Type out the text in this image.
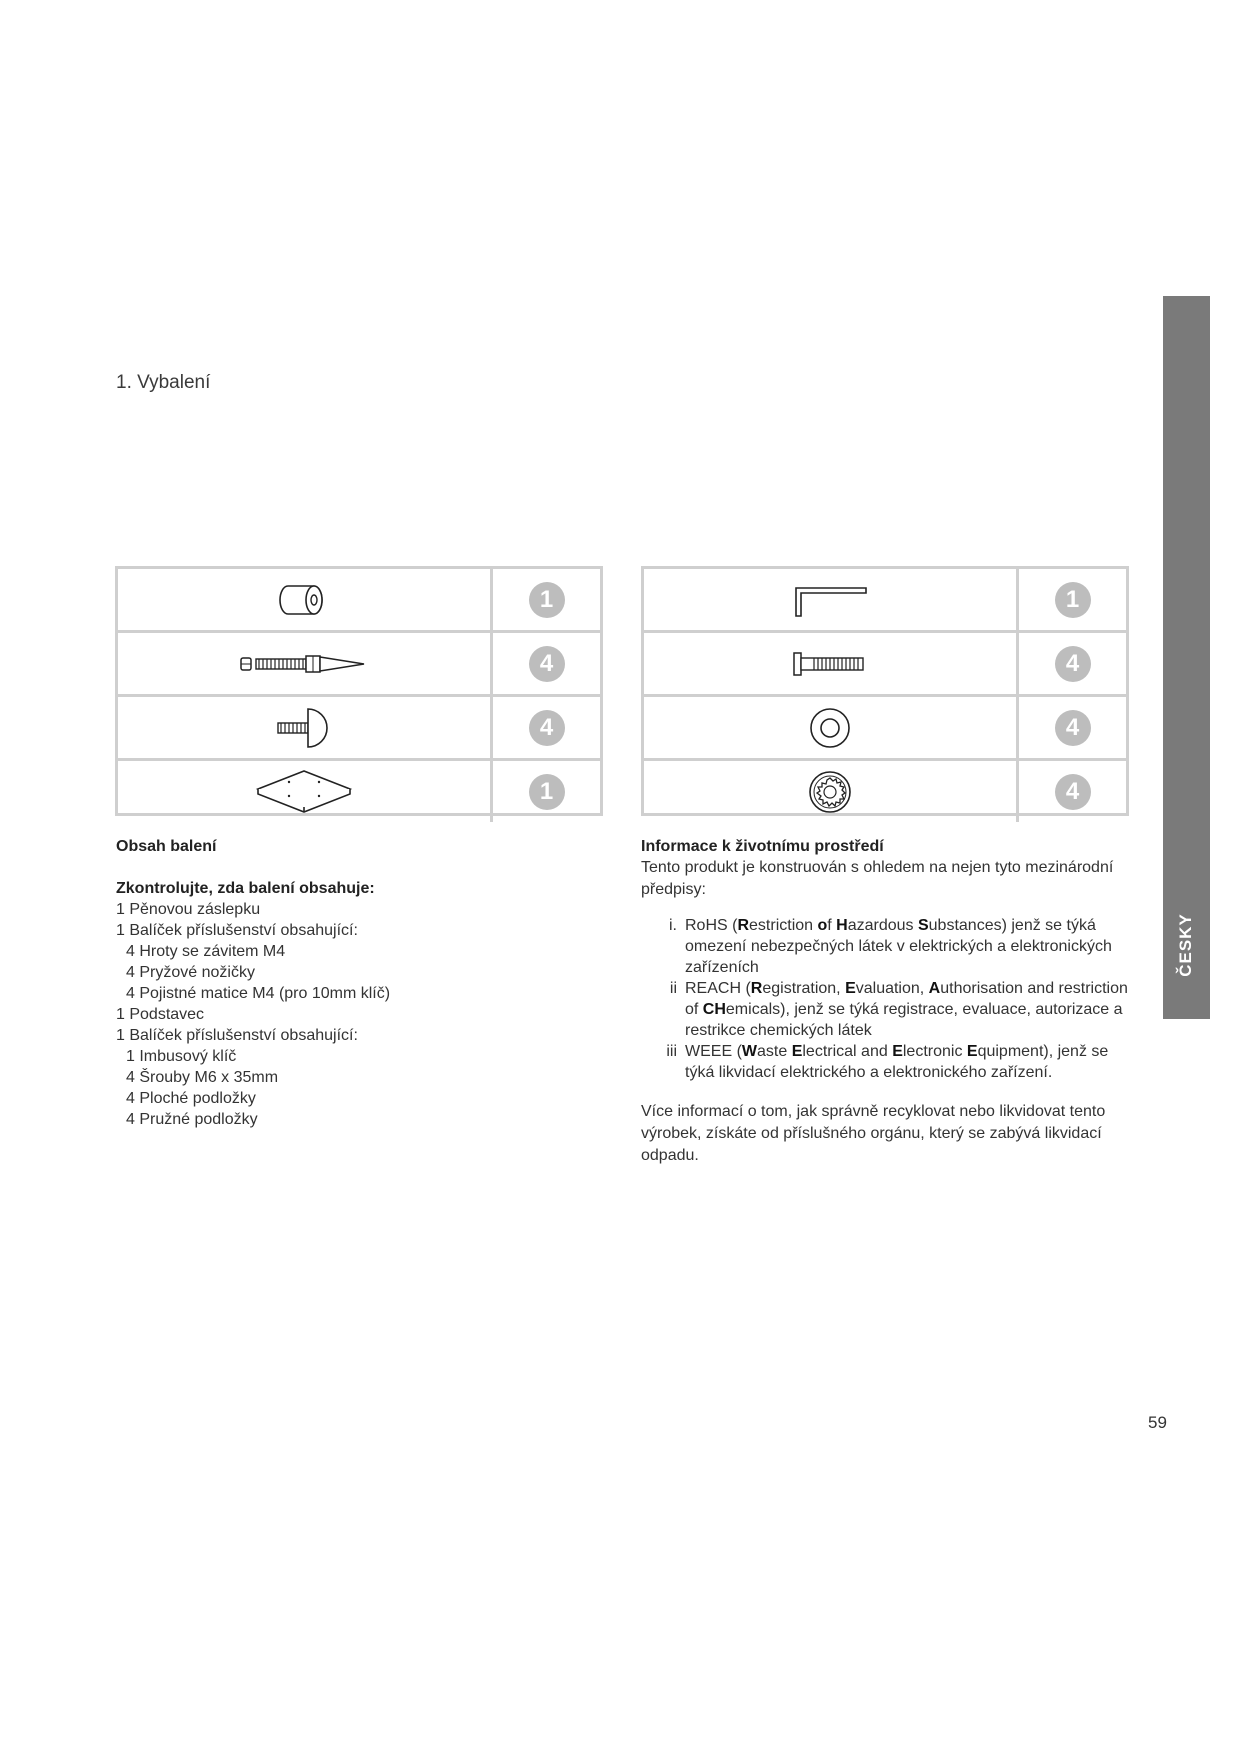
1. Vybalení
1
4
4
1
1
4
4
4
Obsah balení
Zkontrolujte, zda balení obsahuje:
1 Pěnovou záslepku
1 Balíček příslušenství obsahující:
4 Hroty se závitem M4
4 Pryžové nožičky
4 Pojistné matice M4 (pro 10mm klíč)
1 Podstavec
1 Balíček příslušenství obsahující:
1 Imbusový klíč
4 Šrouby M6 x 35mm
4 Ploché podložky
4 Pružné podložky
Informace k životnímu prostředí
Tento produkt je konstruován s ohledem na nejen tyto mezinárodní předpisy:
i. RoHS (Restriction of Hazardous Substances) jenž se týká omezení nebezpečných látek v elektrických a elektronických zařízeních
ii REACH (Registration, Evaluation, Authorisation and restriction of CHemicals), jenž se týká registrace, evaluace, autorizace a restrikce chemických látek
iii WEEE (Waste Electrical and Electronic Equipment), jenž se týká likvidací elektrického a elektronického zařízení.
Více informací o tom, jak správně recyklovat nebo likvidovat tento výrobek, získáte od příslušného orgánu, který se zabývá likvidací odpadu.
ČESKY
59
